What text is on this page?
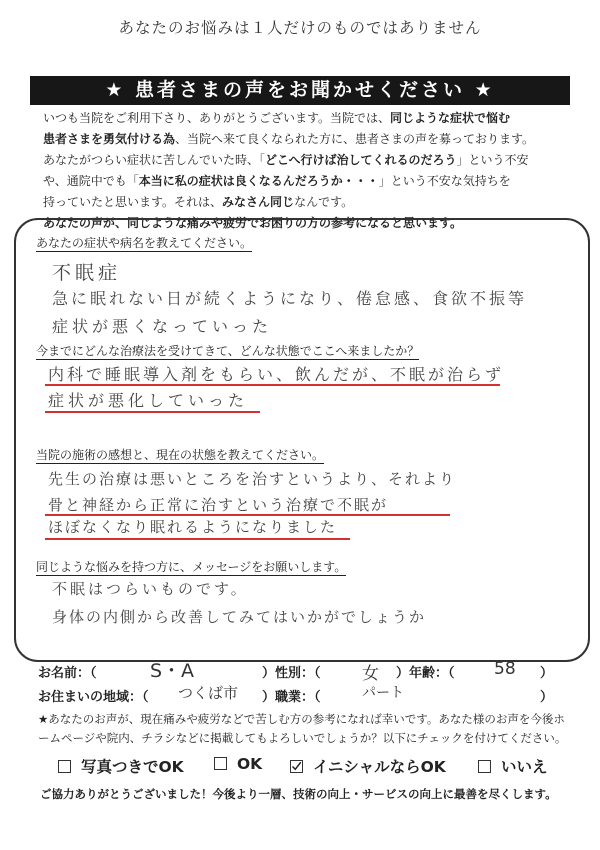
あなたのお悩みは１人だけのものではありません
★ 患者さまの声をお聞かせください ★

いつも当院をご利用下さり、ありがとうございます。当院では、同じような症状で悩む

患者さまを勇気付ける為、当院へ来て良くなられた方に、患者さまの声を募っております。

あなたがつらい症状に苦しんでいた時、「どこへ行けば治してくれるのだろう」という不安

や、通院中でも「本当に私の症状は良くなるんだろうか・・・」という不安な気持ちを

持っていたと思います。それは、みなさん同じなんです。

あなたの声が、同じような痛みや疲労でお困りの方の参考になると思います。

あなたの症状や病名を教えてください。
不眠症
急に眠れない日が続くようになり、倦怠感、食欲不振等
症状が悪くなっていった
今までにどんな治療法を受けてきて、どんな状態でここへ来ましたか？
内科で睡眠導入剤をもらい、飲んだが、不眠が治らず
症状が悪化していった
当院の施術の感想と、現在の状態を教えてください。
先生の治療は悪いところを治すというより、それより
骨と神経から正常に治すという治療で不眠が
ほぼなくなり眠れるようになりました
同じような悩みを持つ方に、メッセージをお願いします。
不眠はつらいものです。
身体の内側から改善してみてはいかがでしょうか
お名前：（	S・A	）性別：（ 女 ）年齢：（ 58 ）
お住まいの地域：（ つくば市 ）職業：（	パート	）
★あなたのお声が、現在痛みや疲労などで苦しむ方の参考になれば幸いです。あなた様のお声を今後ホームページや院内、チラシなどに掲載してもよろしいでしょうか？以下にチェックを付けてください。
写真つきでOK	OK	イニシャルならOK	いいえ
ご協力ありがとうございました！今後より一層、技術の向上・サービスの向上に最善を尽くします。
